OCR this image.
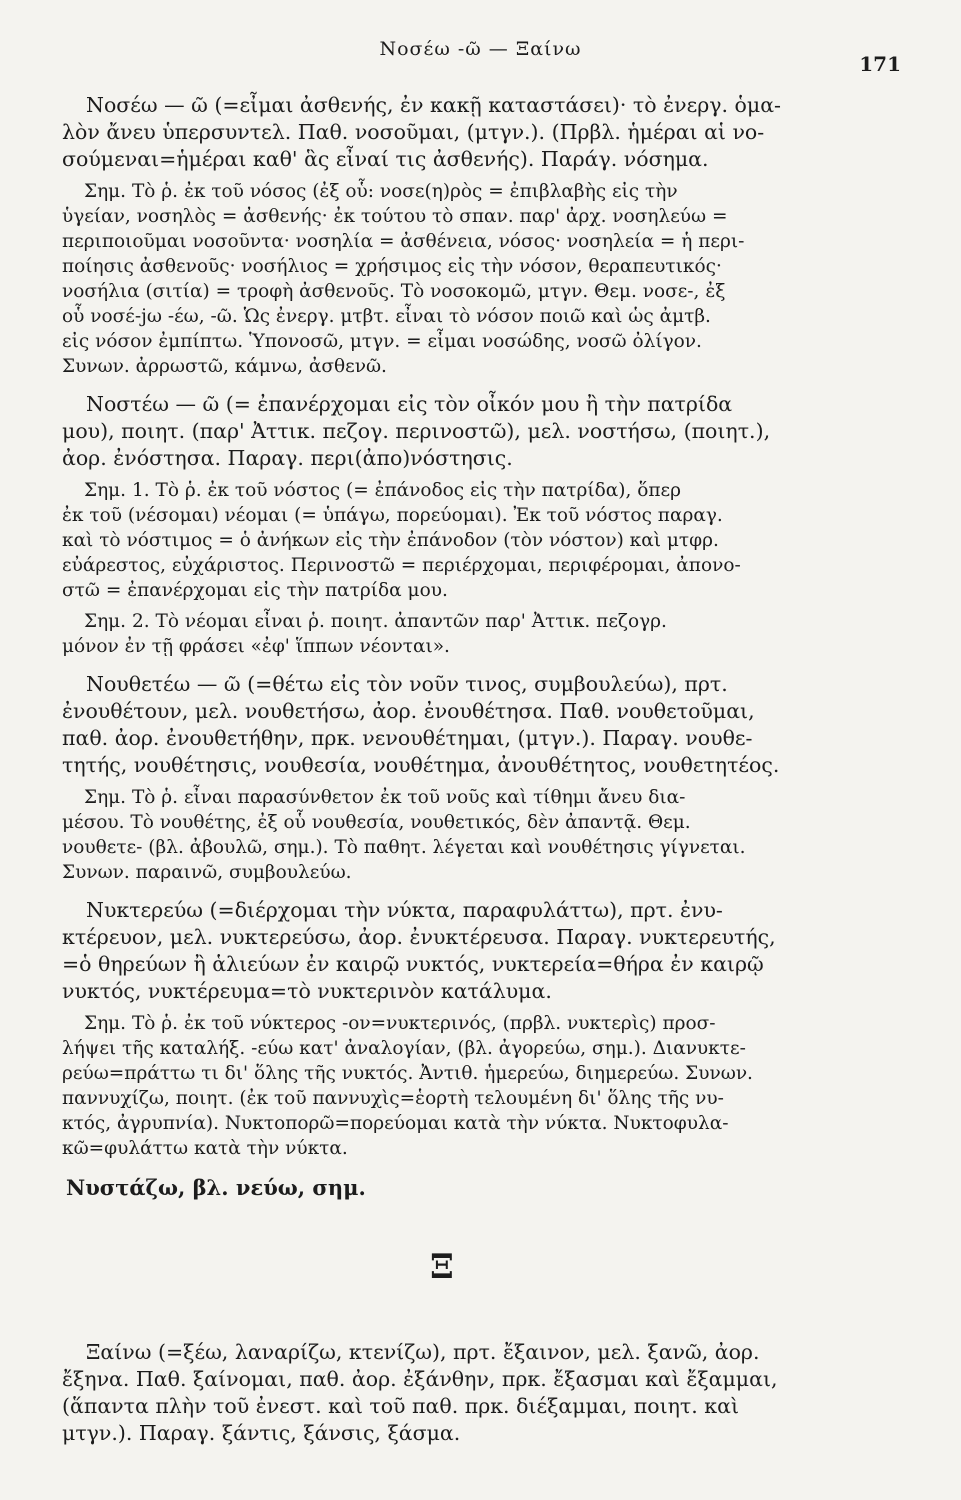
Νοσέω -ῶ — Ξαίνω
171
Νοσέω — ῶ (=εἶμαι ἀσθενής, ἐν κακῇ καταστάσει)· τὸ ἐνεργ. ὁμα-
λὸν ἄνευ ὑπερσυντελ. Παθ. νοσοῦμαι, (μτγν.). (Πρβλ. ἡμέραι αἱ νο-
σούμεναι=ἡμέραι καθ' ἃς εἶναί τις ἀσθενής). Παράγ. νόσημα.
Σημ. Τὸ ῥ. ἐκ τοῦ νόσος (ἐξ οὗ: νοσε(η)ρὸς = ἐπιβλαβὴς εἰς τὴν
ὑγείαν, νοσηλὸς = ἀσθενής· ἐκ τούτου τὸ σπαν. παρ' ἀρχ. νοσηλεύω =
περιποιοῦμαι νοσοῦντα· νοσηλία = ἀσθένεια, νόσος· νοσηλεία = ἡ περι-
ποίησις ἀσθενοῦς· νοσήλιος = χρήσιμος εἰς τὴν νόσον, θεραπευτικός·
νοσήλια (σιτία) = τροφὴ ἀσθενοῦς. Τὸ νοσοκομῶ, μτγν. Θεμ. νοσε-, ἐξ
οὗ νοσέ-jω -έω, -ῶ. Ὡς ἐνεργ. μτβτ. εἶναι τὸ νόσον ποιῶ καὶ ὡς ἀμτβ.
εἰς νόσον ἐμπίπτω. Ὑπονοσῶ, μτγν. = εἶμαι νοσώδης, νοσῶ ὀλίγον.
Συνων. ἀρρωστῶ, κάμνω, ἀσθενῶ.
Νοστέω — ῶ (= ἐπανέρχομαι εἰς τὸν οἶκόν μου ἢ τὴν πατρίδα
μου), ποιητ. (παρ' Ἀττικ. πεζογ. περινοστῶ), μελ. νοστήσω, (ποιητ.),
ἀορ. ἐνόστησα. Παραγ. περι(ἀπο)νόστησις.
Σημ. 1. Τὸ ῥ. ἐκ τοῦ νόστος (= ἐπάνοδος εἰς τὴν πατρίδα), ὅπερ
ἐκ τοῦ (νέσομαι) νέομαι (= ὑπάγω, πορεύομαι). Ἐκ τοῦ νόστος παραγ.
καὶ τὸ νόστιμος = ὁ ἀνήκων εἰς τὴν ἐπάνοδον (τὸν νόστον) καὶ μτφρ.
εὐάρεστος, εὐχάριστος. Περινοστῶ = περιέρχομαι, περιφέρομαι, ἀπονο-
στῶ = ἐπανέρχομαι εἰς τὴν πατρίδα μου.
Σημ. 2. Τὸ νέομαι εἶναι ῥ. ποιητ. ἀπαντῶν παρ' Ἀττικ. πεζογρ.
μόνον ἐν τῇ φράσει «ἐφ' ἵππων νέονται».
Νουθετέω — ῶ (=θέτω εἰς τὸν νοῦν τινος, συμβουλεύω), πρτ.
ἐνουθέτουν, μελ. νουθετήσω, ἀορ. ἐνουθέτησα. Παθ. νουθετοῦμαι,
παθ. ἀορ. ἐνουθετήθην, πρκ. νενουθέτημαι, (μτγν.). Παραγ. νουθε-
τητής, νουθέτησις, νουθεσία, νουθέτημα, ἀνουθέτητος, νουθετητέος.
Σημ. Τὸ ῥ. εἶναι παρασύνθετον ἐκ τοῦ νοῦς καὶ τίθημι ἄνευ δια-
μέσου. Τὸ νουθέτης, ἐξ οὗ νουθεσία, νουθετικός, δὲν ἀπαντᾷ. Θεμ.
νουθετε- (βλ. ἀβουλῶ, σημ.). Τὸ παθητ. λέγεται καὶ νουθέτησις γίγνεται.
Συνων. παραινῶ, συμβουλεύω.
Νυκτερεύω (=διέρχομαι τὴν νύκτα, παραφυλάττω), πρτ. ἐνυ-
κτέρευον, μελ. νυκτερεύσω, ἀορ. ἐνυκτέρευσα. Παραγ. νυκτερευτής,
=ὁ θηρεύων ἢ ἁλιεύων ἐν καιρῷ νυκτός, νυκτερεία=θήρα ἐν καιρῷ
νυκτός, νυκτέρευμα=τὸ νυκτερινὸν κατάλυμα.
Σημ. Τὸ ῥ. ἐκ τοῦ νύκτερος -ον=νυκτερινός, (πρβλ. νυκτερὶς) προσ-
λήψει τῆς καταλήξ. -εύω κατ' ἀναλογίαν, (βλ. ἀγορεύω, σημ.). Διανυκτε-
ρεύω=πράττω τι δι' ὅλης τῆς νυκτός. Ἀντιθ. ἡμερεύω, διημερεύω. Συνων.
παννυχίζω, ποιητ. (ἐκ τοῦ παννυχὶς=ἑορτὴ τελουμένη δι' ὅλης τῆς νυ-
κτός, ἀγρυπνία). Νυκτοπορῶ=πορεύομαι κατὰ τὴν νύκτα. Νυκτοφυλα-
κῶ=φυλάττω κατὰ τὴν νύκτα.
Νυστάζω, βλ. νεύω, σημ.
Ξ
Ξαίνω (=ξέω, λαναρίζω, κτενίζω), πρτ. ἔξαινον, μελ. ξανῶ, ἀορ.
ἔξηνα. Παθ. ξαίνομαι, παθ. ἀορ. ἐξάνθην, πρκ. ἔξασμαι καὶ ἔξαμμαι,
(ἅπαντα πλὴν τοῦ ἐνεστ. καὶ τοῦ παθ. πρκ. διέξαμμαι, ποιητ. καὶ
μτγν.). Παραγ. ξάντις, ξάνσις, ξάσμα.
